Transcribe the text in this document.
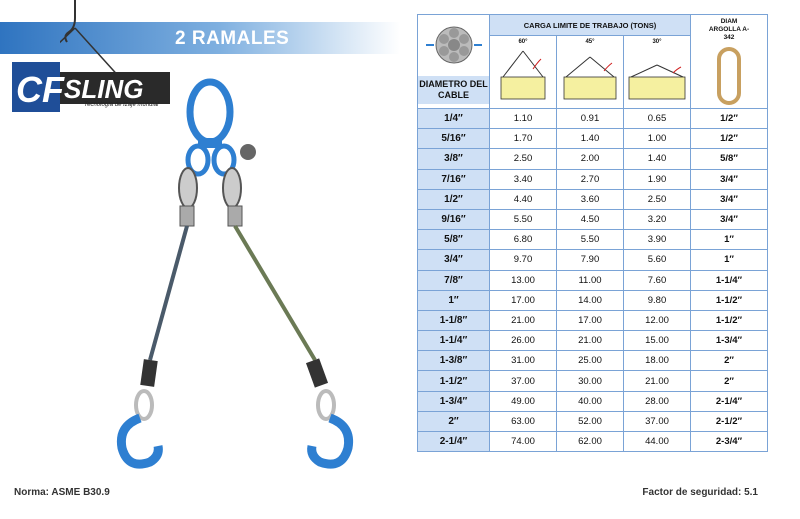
2 RAMALES
CF SLING
Tecnología de Izaje mundial
Norma: ASME B30.9	Factor de seguridad: 5.1
DIAMETRO DEL CABLE	CARGA LIMITE DE TRABAJO (TONS)			DIAM ARGOLLA A-342

	60°	45°	30°	

1/4″	1.10	0.91	0.65	1/2″
5/16″	1.70	1.40	1.00	1/2″
3/8″	2.50	2.00	1.40	5/8″
7/16″	3.40	2.70	1.90	3/4″
1/2″	4.40	3.60	2.50	3/4″
9/16″	5.50	4.50	3.20	3/4″
5/8″	6.80	5.50	3.90	1″
3/4″	9.70	7.90	5.60	1″
7/8″	13.00	11.00	7.60	1-1/4″
1″	17.00	14.00	9.80	1-1/2″
1-1/8″	21.00	17.00	12.00	1-1/2″
1-1/4″	26.00	21.00	15.00	1-3/4″
1-3/8″	31.00	25.00	18.00	2″
1-1/2″	37.00	30.00	21.00	2″
1-3/4″	49.00	40.00	28.00	2-1/4″
2″	63.00	52.00	37.00	2-1/2″
2-1/4″	74.00	62.00	44.00	2-3/4″
